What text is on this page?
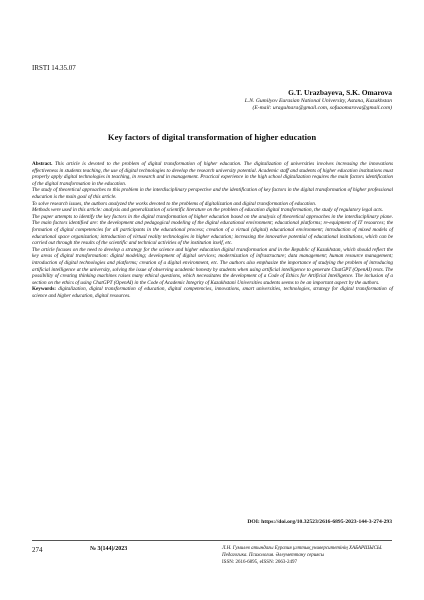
IRSTI 14.35.07
G.T. Urazbayeva, S.K. Omarova
L.N. Gumilyov Eurasian National University, Astana, Kazakhstan
(E-mail: uragulnara@gmail.com, sofuaomarova@gmail.com)
Key factors of digital transformation of higher education

Abstract. This article is devoted to the problem of digital transformation of higher education. The digitalization of universities involves increasing the innovations effectiveness in students teaching, the use of digital technologies to develop the research university potential. Academic staff and students of higher education institutions must properly apply digital technologies in teaching, in research and in management. Practical experience in the high school digitalization requires the main factors identification of the digital transformation in the education.

The study of theoretical approaches to this problem in the interdisciplinary perspective and the identification of key factors in the digital transformation of higher professional education is the main goal of this article.

To solve research issues, the authors analyzed the works devoted to the problems of digitalization and digital transformation of education.

Methods were used in this article: analysis and generalization of scientific literature on the problem of education digital transformation, the study of regulatory legal acts.

The paper attempts to identify the key factors in the digital transformation of higher education based on the analysis of theoretical approaches in the interdisciplinary plane. The main factors identified are: the development and pedagogical modeling of the digital educational environment; educational platforms; re-equipment of IT resources; the formation of digital competencies for all participants in the educational process; creation of a virtual (digital) educational environment; introduction of mixed models of educational space organization; introduction of virtual reality technologies in higher education; increasing the innovative potential of educational institutions, which can be carried out through the results of the scientific and technical activities of the institution itself, etc.

The article focuses on the need to develop a strategy for the science and higher education digital transformation and in the Republic of Kazakhstan, which should reflect the key areas of digital transformation: digital modeling; development of digital services; modernization of infrastructure; data management; human resource management; introduction of digital technologies and platforms; creation of a digital environment, etc. The authors also emphasize the importance of studying the problem of introducing artificial intelligence at the university, solving the issue of observing academic honesty by students when using artificial intelligence to generate ChatGPT (OpenAI) texts. The possibility of creating thinking machines raises many ethical questions, which necessitates the development of a Code of Ethics for Artificial Intelligence. The inclusion of a section on the ethics of using ChatGPT (OpenAI) in the Code of Academic Integrity of Kazakhstani Universities students seems to be an important aspect by the authors.

Keywords: digitalization, digital transformation of education, digital competencies, innovations, smart universities, technologies, strategy for digital transformation of science and higher education, digital resources.

DOI: https://doi.org/10.32523/2616-6895-2023-144-3-274-293
274	№ 3(144)/2023	Л.Н. Гумилев атындағы Еуразия ұлттық университетінің ХАБАРШЫСЫ.
Педагогика. Психология. Әлеуметтану сериясы
ISSN: 2616-6895, eISSN: 2663-2497
